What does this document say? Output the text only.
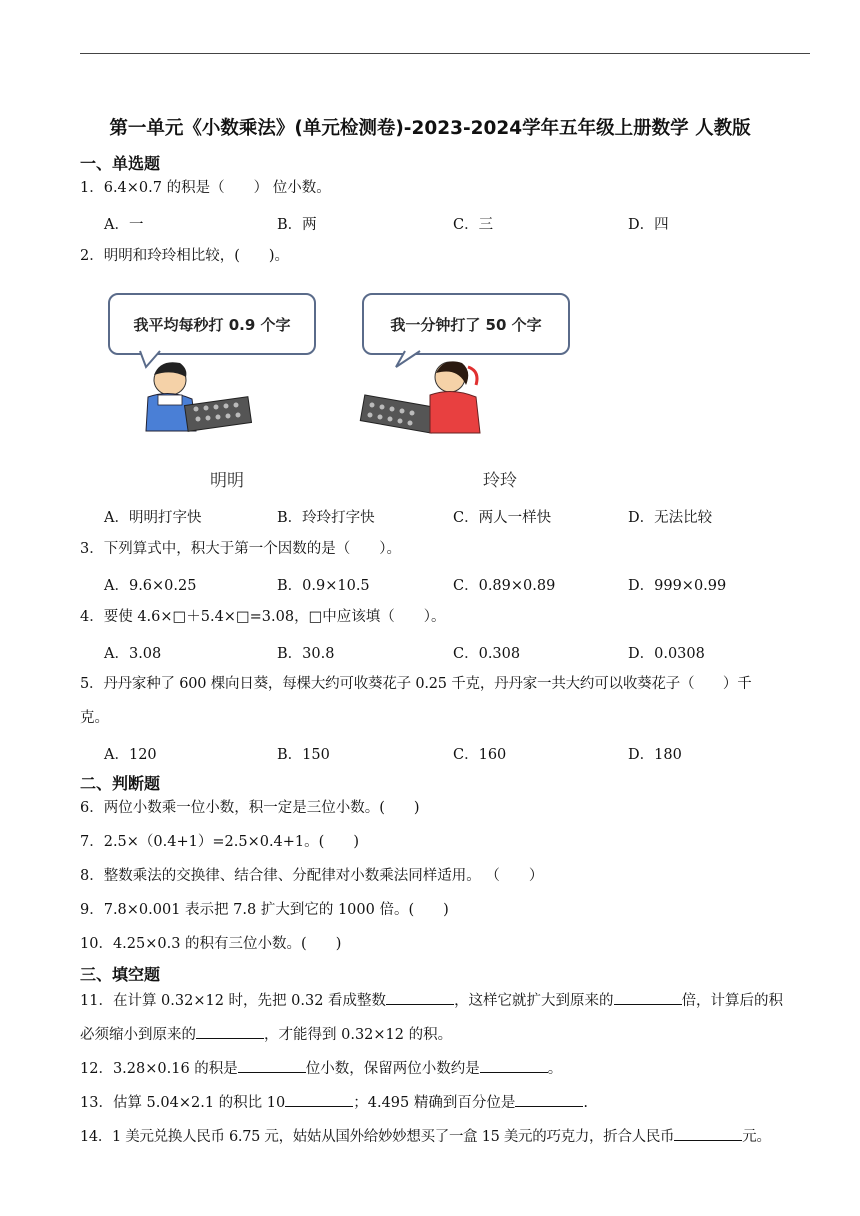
第一单元《小数乘法》(单元检测卷)-2023-2024学年五年级上册数学 人教版
一、单选题
1．6.4×0.7 的积是（　　） 位小数。
A．一	B．两	C．三	D．四
2．明明和玲玲相比较，(　　)。
我平均每秒打 0.9 个字	我一分钟打了 50 个字
明明	玲玲
A．明明打字快	B．玲玲打字快	C．两人一样快	D．无法比较
3．下列算式中，积大于第一个因数的是（　　）。
A．9.6×0.25	B．0.9×10.5	C．0.89×0.89	D．999×0.99
4．要使 4.6×□＋5.4×□=3.08，□中应该填（　　）。
A．3.08	B．30.8	C．0.308	D．0.0308
5．丹丹家种了 600 棵向日葵，每棵大约可收葵花子 0.25 千克，丹丹家一共大约可以收葵花子（　　）千
克。
A．120	B．150	C．160	D．180
二、判断题
6．两位小数乘一位小数，积一定是三位小数。(　　)
7．2.5×（0.4+1）=2.5×0.4+1。(　　)
8．整数乘法的交换律、结合律、分配律对小数乘法同样适用。 （　　）
9．7.8×0.001 表示把 7.8 扩大到它的 1000 倍。(　　)
10．4.25×0.3 的积有三位小数。(　　)
三、填空题
11．在计算 0.32×12 时，先把 0.32 看成整数	，这样它就扩大到原来的	倍，计算后的积
必须缩小到原来的	，才能得到 0.32×12 的积。
12．3.28×0.16 的积是	位小数，保留两位小数约是	。
13．估算 5.04×2.1 的积比 10	；4.495 精确到百分位是	.
14．1 美元兑换人民币 6.75 元，姑姑从国外给妙妙想买了一盒 15 美元的巧克力，折合人民币	元。
